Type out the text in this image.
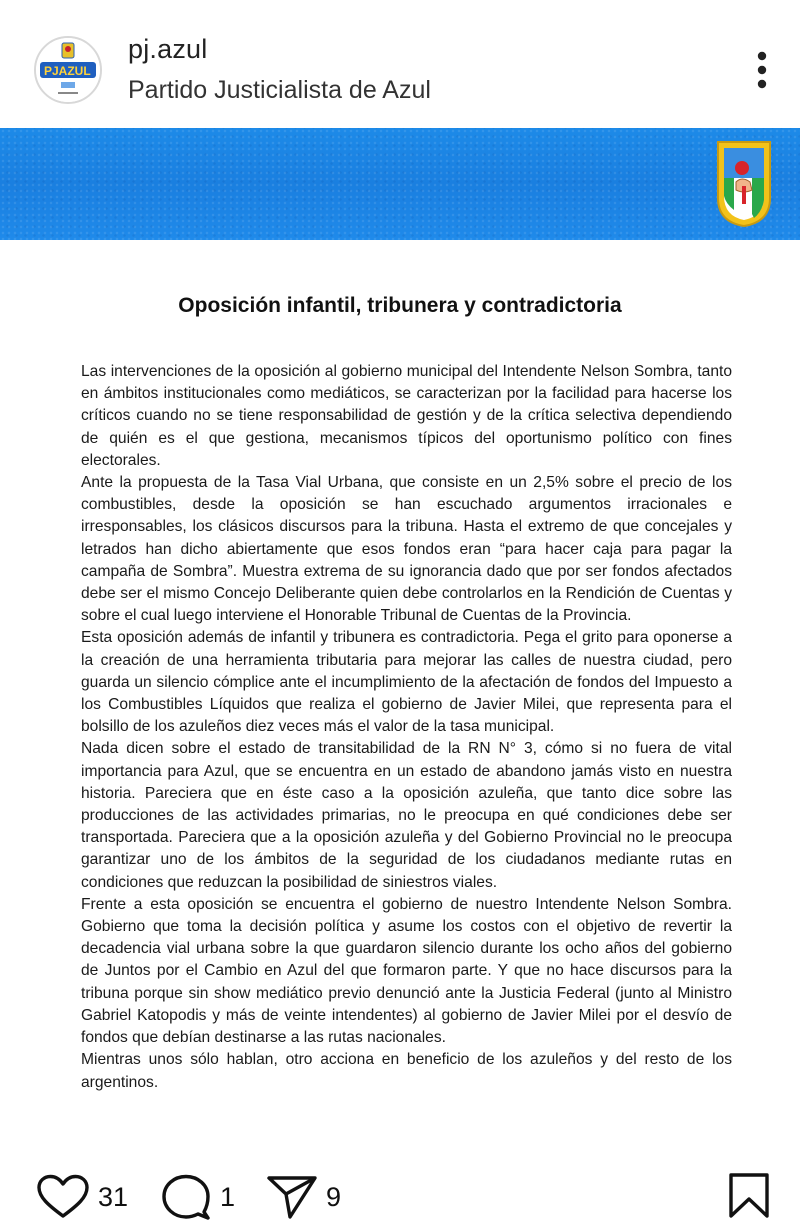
PJAZUL
pj.azul
Partido Justicialista de Azul
Oposición infantil, tribunera y contradictoria

Las intervenciones de la oposición al gobierno municipal del Intendente Nelson Sombra, tanto en ámbitos institucionales como mediáticos, se caracterizan por la facilidad para hacerse los críticos cuando no se tiene responsabilidad de gestión y de la crítica selectiva dependiendo de quién es el que gestiona, mecanismos típicos del oportunismo político con fines electorales.

Ante la propuesta de la Tasa Vial Urbana, que consiste en un 2,5% sobre el precio de los combustibles, desde la oposición se han escuchado argumentos irracionales e irresponsables, los clásicos discursos para la tribuna. Hasta el extremo de que concejales y letrados han dicho abiertamente que esos fondos eran “para hacer caja para pagar la campaña de Sombra”. Muestra extrema de su ignorancia dado que por ser fondos afectados debe ser el mismo Concejo Deliberante quien debe controlarlos en la Rendición de Cuentas y sobre el cual luego interviene el Honorable Tribunal de Cuentas de la Provincia.

Esta oposición además de infantil y tribunera es contradictoria. Pega el grito para oponerse a la creación de una herramienta tributaria para mejorar las calles de nuestra ciudad, pero guarda un silencio cómplice ante el incumplimiento de la afectación de fondos del Impuesto a los Combustibles Líquidos que realiza el gobierno de Javier Milei, que representa para el bolsillo de los azuleños diez veces más el valor de la tasa municipal.

Nada dicen sobre el estado de transitabilidad de la RN N° 3, cómo si no fuera de vital importancia para Azul, que se encuentra en un estado de abandono jamás visto en nuestra historia. Pareciera que en éste caso a la oposición azuleña, que tanto dice sobre las producciones de las actividades primarias, no le preocupa en qué condiciones debe ser transportada. Pareciera que a la oposición azuleña y del Gobierno Provincial no le preocupa garantizar uno de los ámbitos de la seguridad de los ciudadanos mediante rutas en condiciones que reduzcan la posibilidad de siniestros viales.

Frente a esta oposición se encuentra el gobierno de nuestro Intendente Nelson Sombra. Gobierno que toma la decisión política y asume los costos con el objetivo de revertir la decadencia vial urbana sobre la que guardaron silencio durante los ocho años del gobierno de Juntos por el Cambio en Azul del que formaron parte. Y que no hace discursos para la tribuna porque sin show mediático previo denunció ante la Justicia Federal (junto al Ministro Gabriel Katopodis y más de veinte intendentes) al gobierno de Javier Milei por el desvío de fondos que debían destinarse a las rutas nacionales.

Mientras unos sólo hablan, otro acciona en beneficio de los azuleños y del resto de los argentinos.

31	1	9
